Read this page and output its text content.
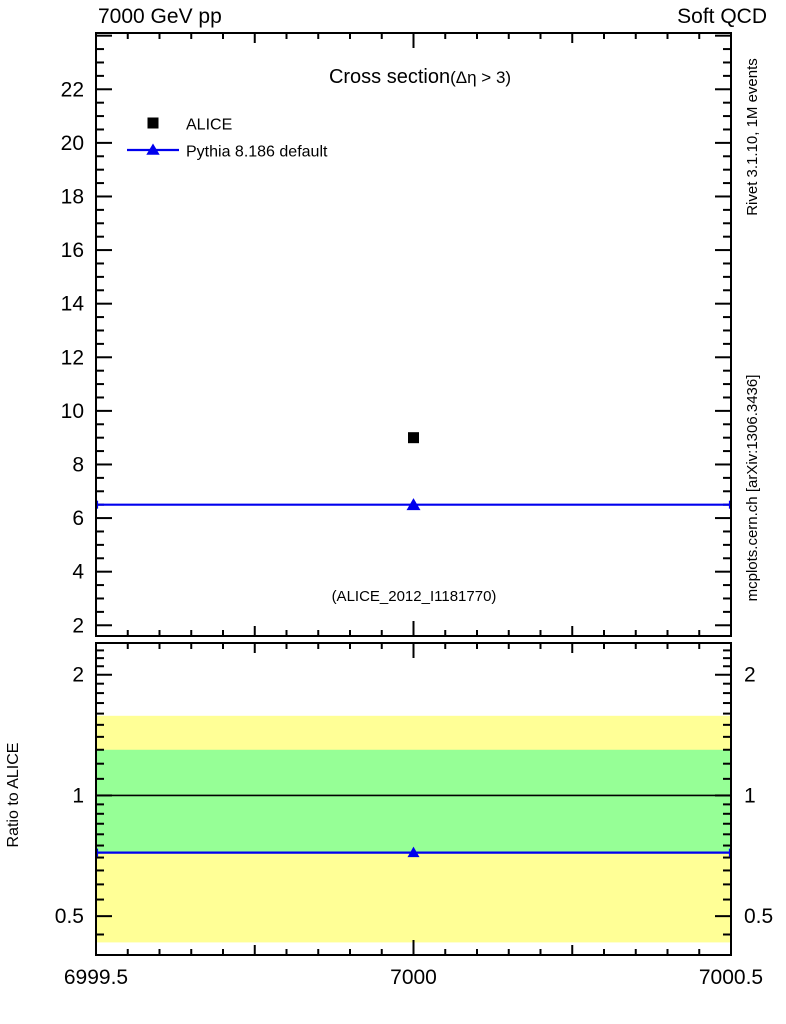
2
4
6
8
10
12
14
16
18
20
22
0.5	0.5
1	1
2	2
6999.5	7000	7000.5
7000 GeV pp	Soft QCD
Cross section(Δη > 3)
ALICE
Pythia 8.186 default
(ALICE_2012_I1181770)
Ratio to ALICE
Rivet 3.1.10, 1M events
mcplots.cern.ch [arXiv:1306.3436]
